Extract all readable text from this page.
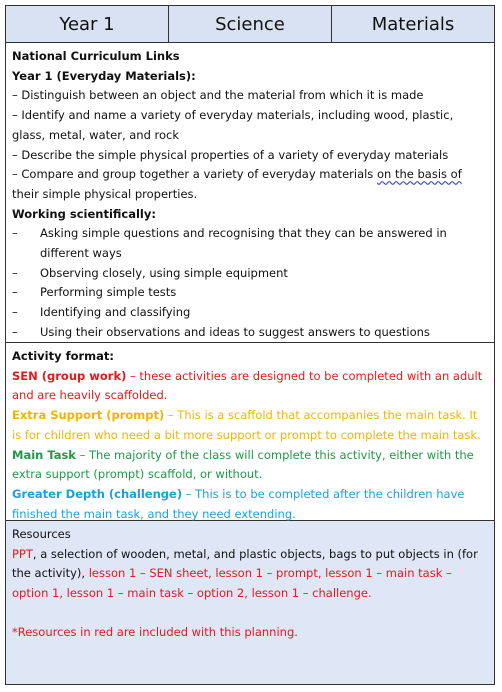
Year 1	Science	Materials

National Curriculum Links

Year 1 (Everyday Materials):

– Distinguish between an object and the material from which it is made

– Identify and name a variety of everyday materials, including wood, plastic, glass, metal, water, and rock

– Describe the simple physical properties of a variety of everyday materials

– Compare and group together a variety of everyday materials on the basis of their simple physical properties.

Working scientifically:

– Asking simple questions and recognising that they can be answered in different ways

– Observing closely, using simple equipment

– Performing simple tests

– Identifying and classifying

– Using their observations and ideas to suggest answers to questions

Activity format:

SEN (group work) – these activities are designed to be completed with an adult and are heavily scaffolded.

Extra Support (prompt) – This is a scaffold that accompanies the main task. It is for children who need a bit more support or prompt to complete the main task.

Main Task – The majority of the class will complete this activity, either with the extra support (prompt) scaffold, or without.

Greater Depth (challenge) – This is to be completed after the children have finished the main task, and they need extending.

Resources

PPT, a selection of wooden, metal, and plastic objects, bags to put objects in (for the activity), lesson 1 – SEN sheet, lesson 1 – prompt, lesson 1 – main task – option 1, lesson 1 – main task – option 2, lesson 1 – challenge.

*Resources in red are included with this planning.
